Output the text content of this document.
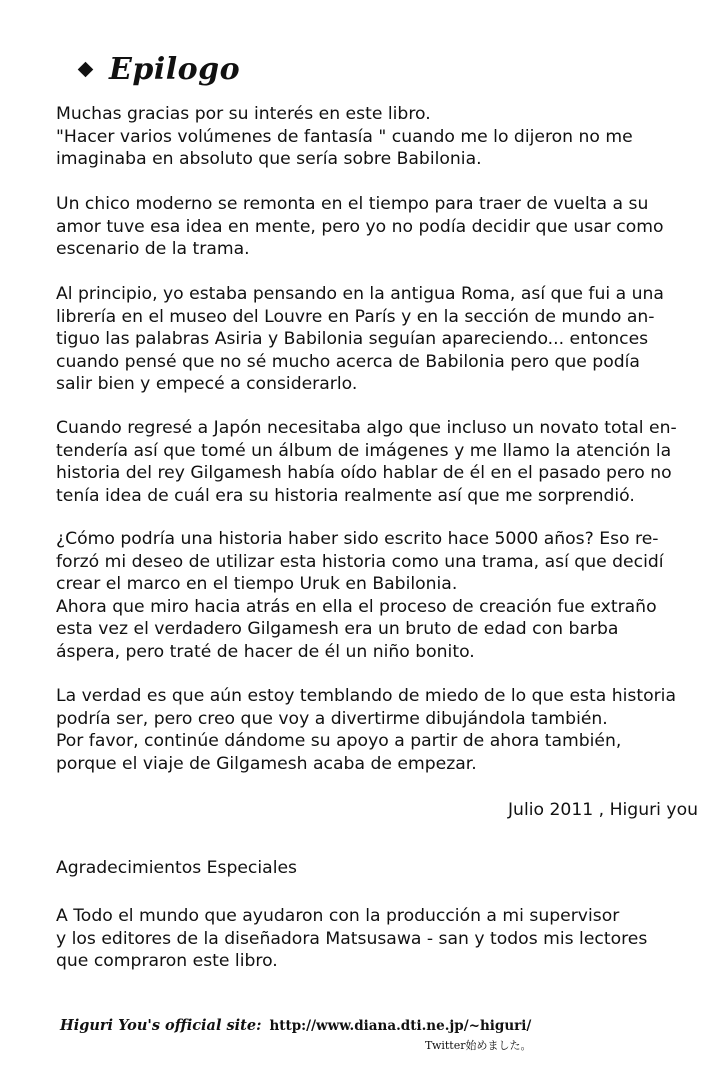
Epilogo
Muchas gracias por su interés en este libro.
"Hacer varios volúmenes de fantasía " cuando me lo dijeron no me
imaginaba en absoluto que sería sobre Babilonia.
Un chico moderno se remonta en el tiempo para traer de vuelta a su
amor tuve esa idea en mente, pero yo no podía decidir que usar como
escenario de la trama.
Al principio, yo estaba pensando en la antigua Roma, así que fui a una
librería en el museo del Louvre en París y en la sección de mundo an-
tiguo las palabras Asiria y Babilonia seguían apareciendo... entonces
cuando pensé que no sé mucho acerca de Babilonia pero que podía
salir bien y empecé a considerarlo.
Cuando regresé a Japón necesitaba algo que incluso un novato total en-
tendería así que tomé un álbum de imágenes y me llamo la atención la
historia del rey Gilgamesh había oído hablar de él en el pasado pero no
tenía idea de cuál era su historia realmente así que me sorprendió.
¿Cómo podría una historia haber sido escrito hace 5000 años? Eso re-
forzó mi deseo de utilizar esta historia como una trama, así que decidí
crear el marco en el tiempo Uruk en Babilonia.
Ahora que miro hacia atrás en ella el proceso de creación fue extraño
esta vez el verdadero Gilgamesh era un bruto de edad con barba
áspera, pero traté de hacer de él un niño bonito.
La verdad es que aún estoy temblando de miedo de lo que esta historia
podría ser, pero creo que voy a divertirme dibujándola también.
Por favor, continúe dándome su apoyo a partir de ahora también,
porque el viaje de Gilgamesh acaba de empezar.
Julio 2011 , Higuri you
Agradecimientos Especiales
A Todo el mundo que ayudaron con la producción a mi supervisor
y los editores de la diseñadora Matsusawa - san y todos mis lectores
que compraron este libro.
Higuri You's official site: http://www.diana.dti.ne.jp/~higuri/
Twitter始めました。
